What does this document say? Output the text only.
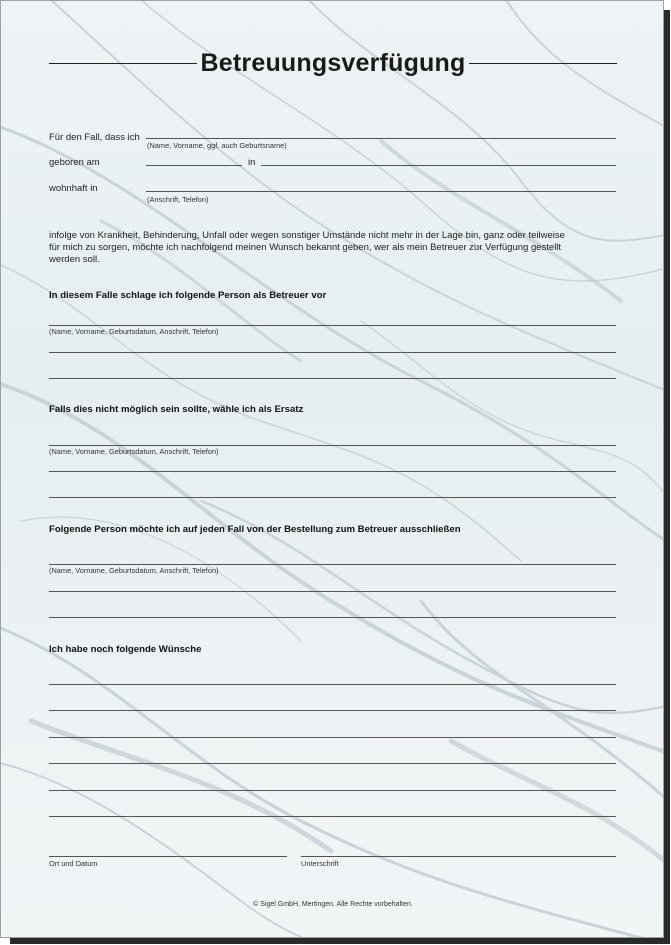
Betreuungsverfügung
Für den Fall, dass ich
(Name, Vorname, ggf. auch Geburtsname)
geboren am	in
wohnhaft in
(Anschrift, Telefon)
infolge von Krankheit, Behinderung, Unfall oder wegen sonstiger Umstände nicht mehr in der Lage bin, ganz oder teilweise
für mich zu sorgen, möchte ich nachfolgend meinen Wunsch bekannt geben, wer als mein Betreuer zur Verfügung gestellt
werden soll.
In diesem Falle schlage ich folgende Person als Betreuer vor
(Name, Vorname, Geburtsdatum, Anschrift, Telefon)
Falls dies nicht möglich sein sollte, wähle ich als Ersatz
(Name, Vorname, Geburtsdatum, Anschrift, Telefon)
Folgende Person möchte ich auf jeden Fall von der Bestellung zum Betreuer ausschließen
(Name, Vorname, Geburtsdatum, Anschrift, Telefon)
Ich habe noch folgende Wünsche
Ort und Datum	Unterschrift
© Sigel GmbH, Mertingen. Alle Rechte vorbehalten.
